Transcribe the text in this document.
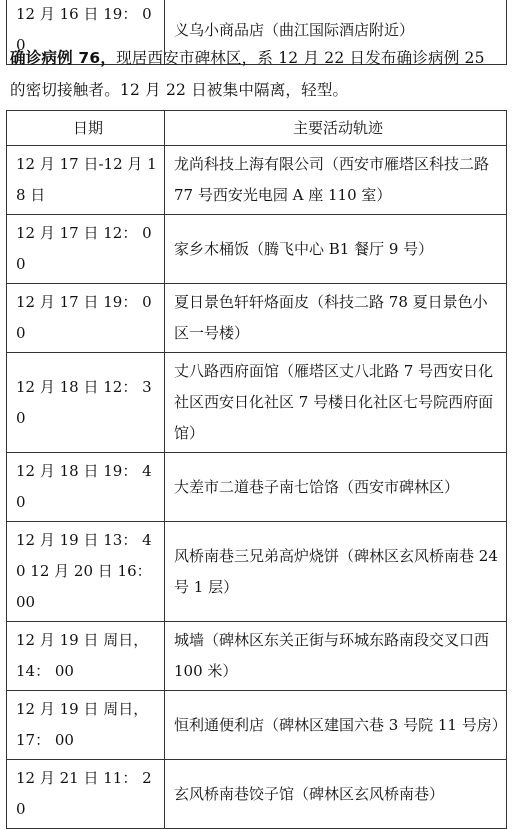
12 月 16 日 19： 00	义乌小商品店（曲江国际酒店附近）
确诊病例 76，现居西安市碑林区，系 12 月 22 日发布确诊病例 25 的密切接触者。12 月 22 日被集中隔离，轻型。
日期	主要活动轨迹
12 月 17 日-12 月 18 日	龙尚科技上海有限公司（西安市雁塔区科技二路 77 号西安光电园 A 座 110 室）
12 月 17 日 12： 00	家乡木桶饭（腾飞中心 B1 餐厅 9 号）
12 月 17 日 19： 00	夏日景色轩轩烙面皮（科技二路 78 夏日景色小区一号楼）
12 月 18 日 12： 30	丈八路西府面馆（雁塔区丈八北路 7 号西安日化社区西安日化社区 7 号楼日化社区七号院西府面馆）
12 月 18 日 19： 40	大差市二道巷子南七饸饹（西安市碑林区）
12 月 19 日 13： 40 12 月 20 日 16： 00	风桥南巷三兄弟高炉烧饼（碑林区玄风桥南巷 24 号 1 层）
12 月 19 日 周日， 14： 00	城墙（碑林区东关正街与环城东路南段交叉口西 100 米）
12 月 19 日 周日， 17： 00	恒利通便利店（碑林区建国六巷 3 号院 11 号房）
12 月 21 日 11： 20	玄风桥南巷饺子馆（碑林区玄风桥南巷）
